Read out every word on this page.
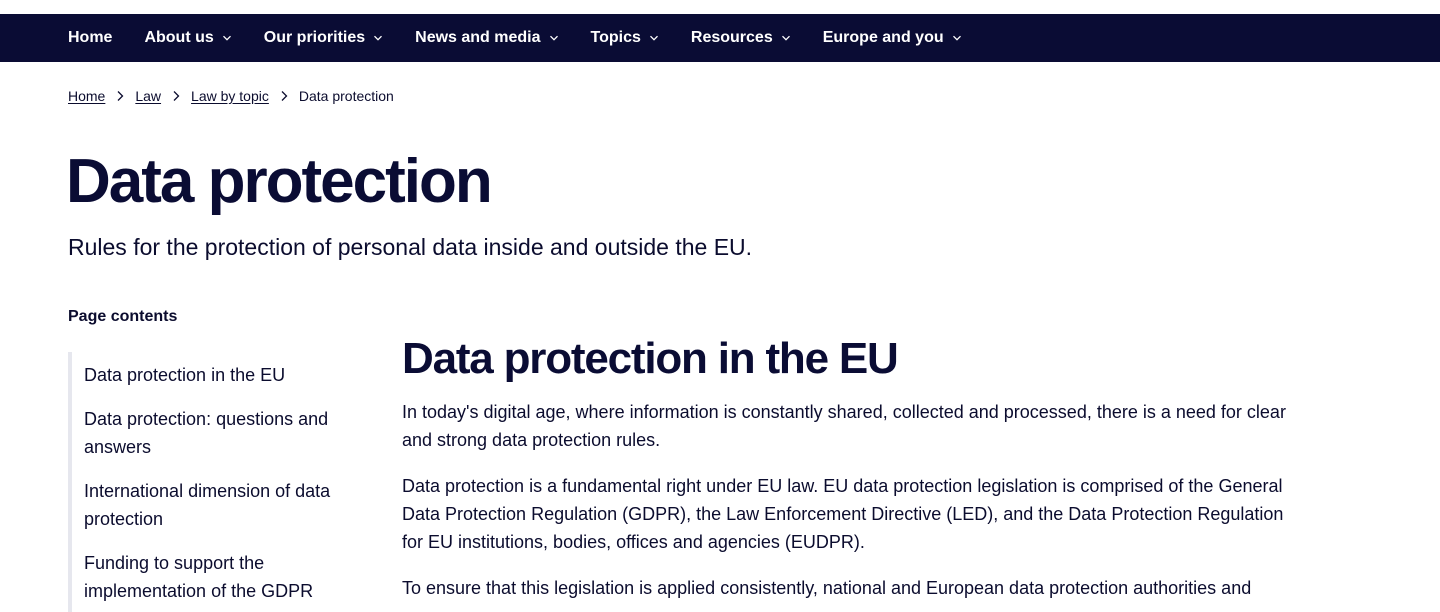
Home About us	Our priorities	News and media	Topics	Resources	Europe and you
Home Law Law by topic Data protection
Data protection

Rules for the protection of personal data inside and outside the EU.

Page contents
Data protection in the EU
Data protection: questions and answers
International dimension of data protection
Funding to support the implementation of the GDPR
Data protection in the EU

In today's digital age, where information is constantly shared, collected and processed, there is a need for clear and strong data protection rules.

Data protection is a fundamental right under EU law. EU data protection legislation is comprised of the General Data Protection Regulation (GDPR), the Law Enforcement Directive (LED), and the Data Protection Regulation for EU institutions, bodies, offices and agencies (EUDPR).

To ensure that this legislation is applied consistently, national and European data protection authorities and
